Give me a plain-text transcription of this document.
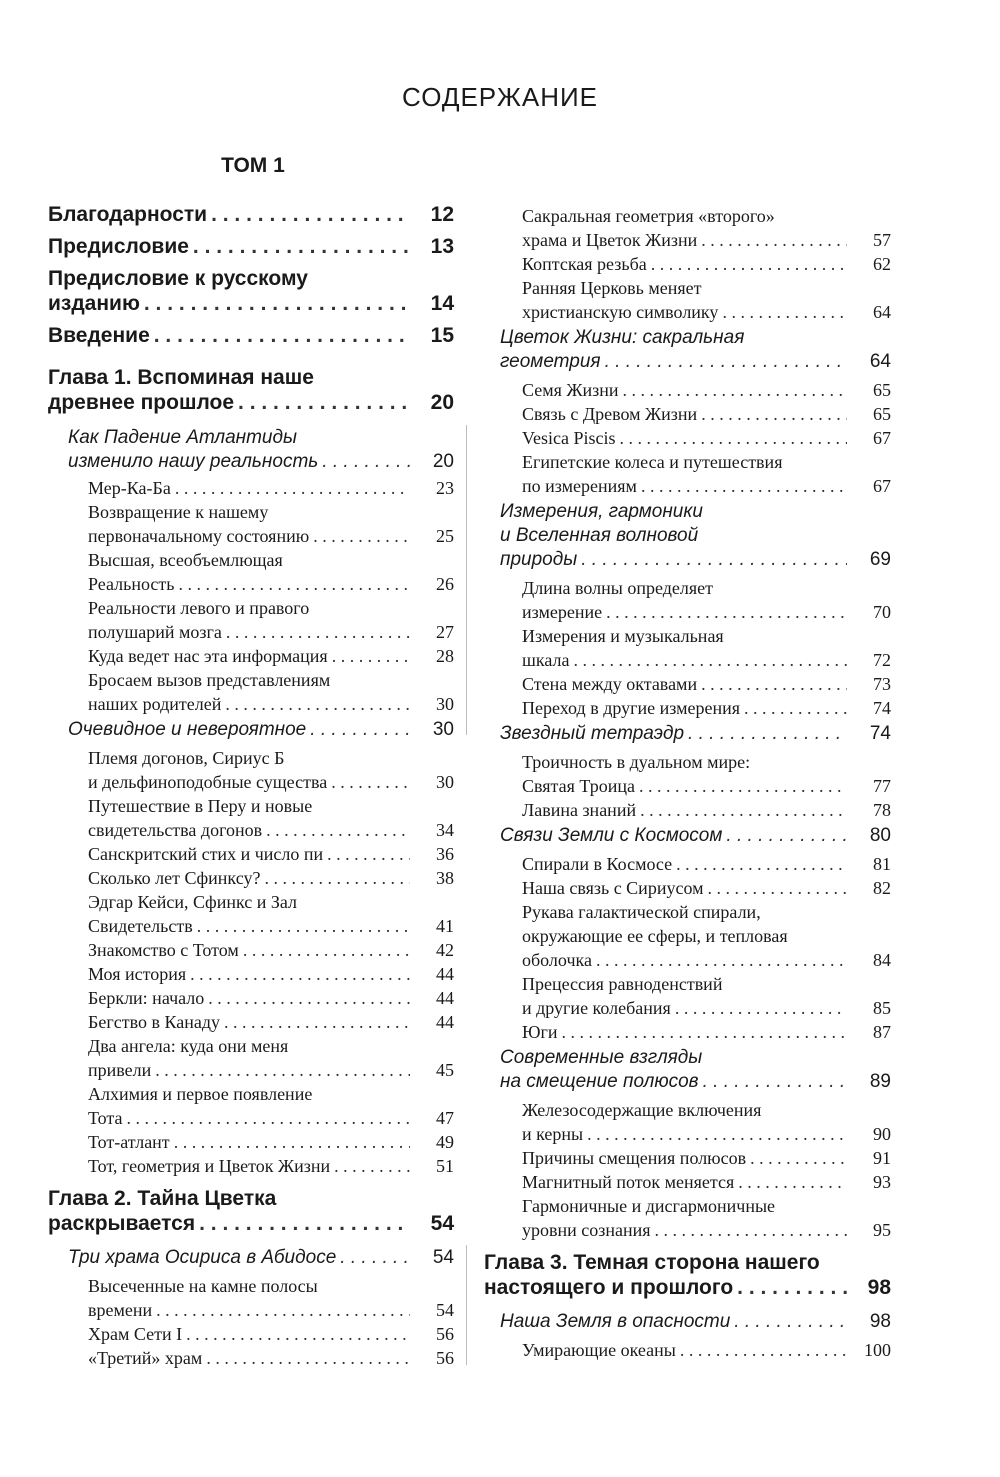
СОДЕРЖАНИЕ
ТОМ 1
Благодарности . . .	12
Предисловие . . .	13
Предисловие к русскому
изданию . . .	14
Введение . . .	15
Глава 1. Вспоминая наше
древнее прошлое . . .	20
Как Падение Атлантиды
изменило нашу реальность . . .	20
Мер-Ка-Ба . . .	23
Возвращение к нашему
первоначальному состоянию . . .	25
Высшая, всеобъемлющая
Реальность . . .	26
Реальности левого и правого
полушарий мозга . . .	27
Куда ведет нас эта информация . . .	28
Бросаем вызов представлениям
наших родителей . . .	30
Очевидное и невероятное . . .	30
Племя догонов, Сириус Б
и дельфиноподобные существа . . .	30
Путешествие в Перу и новые
свидетельства догонов . . .	34
Санскритский стих и число пи . . .	36
Сколько лет Сфинксу? . . .	38
Эдгар Кейси, Сфинкс и Зал
Свидетельств . . .	41
Знакомство с Тотом . . .	42
Моя история . . .	44
Беркли: начало . . .	44
Бегство в Канаду . . .	44
Два ангела: куда они меня
привели . . .	45
Алхимия и первое появление
Тота . . .	47
Тот-атлант . . .	49
Тот, геометрия и Цветок Жизни . . .	51
Глава 2. Тайна Цветка
раскрывается . . .	54
Три храма Осириса в Абидосе . . .	54
Высеченные на камне полосы
времени . . .	54
Храм Сети I . . .	56
«Третий» храм . . .	56
Сакральная геометрия «второго»
храма и Цветок Жизни . . .	57
Коптская резьба . . .	62
Ранняя Церковь меняет
христианскую символику . . .	64
Цветок Жизни: сакральная
геометрия . . .	64
Семя Жизни . . .	65
Связь с Древом Жизни . . .	65
Vesica Piscis . . .	67
Египетские колеса и путешествия
по измерениям . . .	67
Измерения, гармоники
и Вселенная волновой
природы . . .	69
Длина волны определяет
измерение . . .	70
Измерения и музыкальная
шкала . . .	72
Стена между октавами . . .	73
Переход в другие измерения . . .	74
Звездный тетраэдр . . .	74
Троичность в дуальном мире:
Святая Троица . . .	77
Лавина знаний . . .	78
Связи Земли с Космосом . . .	80
Спирали в Космосе . . .	81
Наша связь с Сириусом . . .	82
Рукава галактической спирали,
окружающие ее сферы, и тепловая
оболочка . . .	84
Прецессия равноденствий
и другие колебания . . .	85
Юги . . .	87
Современные взгляды
на смещение полюсов . . .	89
Железосодержащие включения
и керны . . .	90
Причины смещения полюсов . . .	91
Магнитный поток меняется . . .	93
Гармоничные и дисгармоничные
уровни сознания . . .	95
Глава 3. Темная сторона нашего
настоящего и прошлого . . .	98
Наша Земля в опасности . . .	98
Умирающие океаны . . .	100
